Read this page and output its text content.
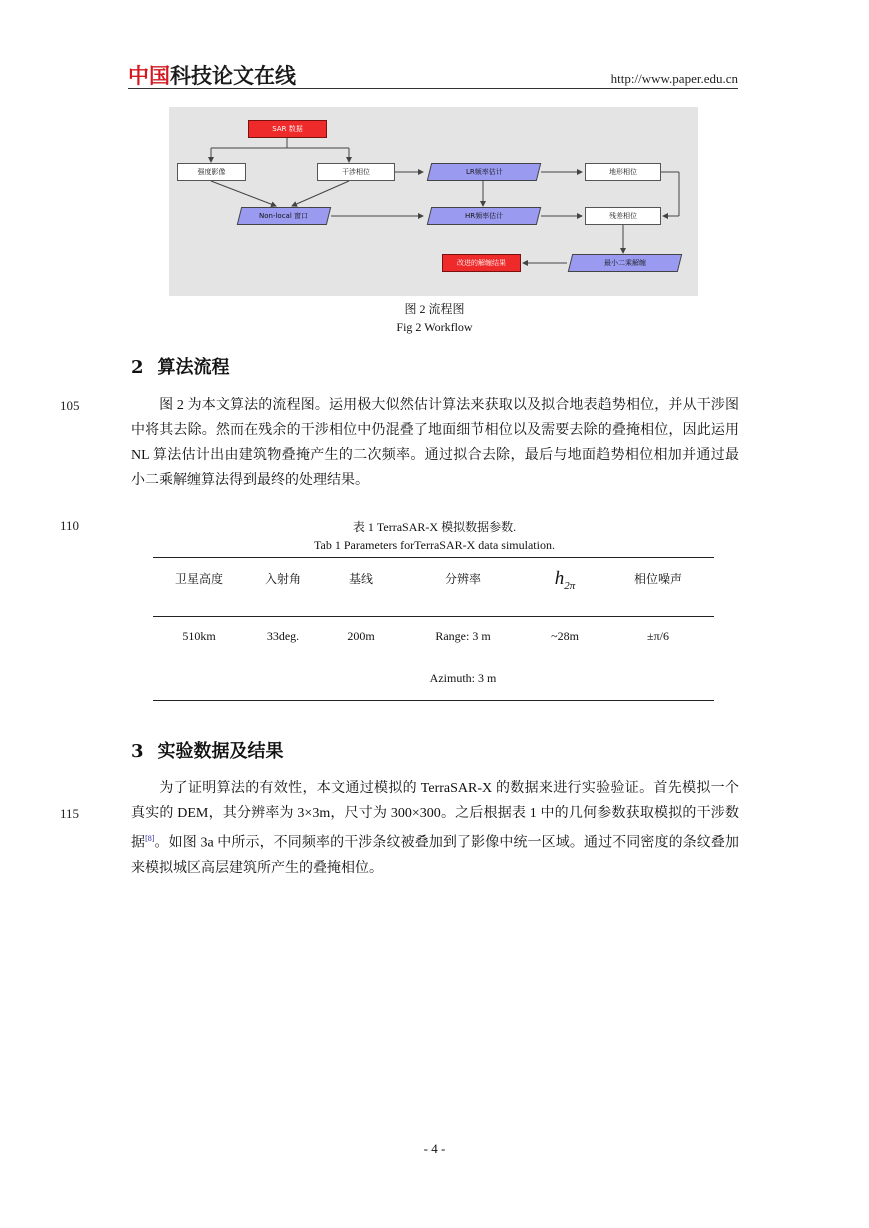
中国科技论文在线	http://www.paper.edu.cn
SAR 数据
强度影像	干涉相位	LR频率估计	地形相位
Non-local 窗口	HR频率估计	残差相位
改进的解缠结果	最小二乘解缠
图 2 流程图
Fig 2 Workflow
2 算法流程
105	图 2 为本文算法的流程图。运用极大似然估计算法来获取以及拟合地表趋势相位，并从干涉图中将其去除。然而在残余的干涉相位中仍混叠了地面细节相位以及需要去除的叠掩相位，因此运用 NL 算法估计出由建筑物叠掩产生的二次频率。通过拟合去除，最后与地面趋势相位相加并通过最小二乘解缠算法得到最终的处理结果。
110	表 1 TerraSAR-X 模拟数据参数.
Tab 1 Parameters forTerraSAR-X data simulation.
卫星高度	入射角	基线	分辨率	$h_{2\pi}$	相位噪声
510km	33deg.	200m	Range: 3 m	~28m	±π/6
Azimuth: 3 m
3 实验数据及结果
115
为了证明算法的有效性，本文通过模拟的 TerraSAR-X 的数据来进行实验验证。首先模拟一个真实的 DEM，其分辨率为 3×3m，尺寸为 300×300。之后根据表 1 中的几何参数获取模拟的干涉数据[8]。如图 3a 中所示，不同频率的干涉条纹被叠加到了影像中统一区域。通过不同密度的条纹叠加来模拟城区高层建筑所产生的叠掩相位。
- 4 -
